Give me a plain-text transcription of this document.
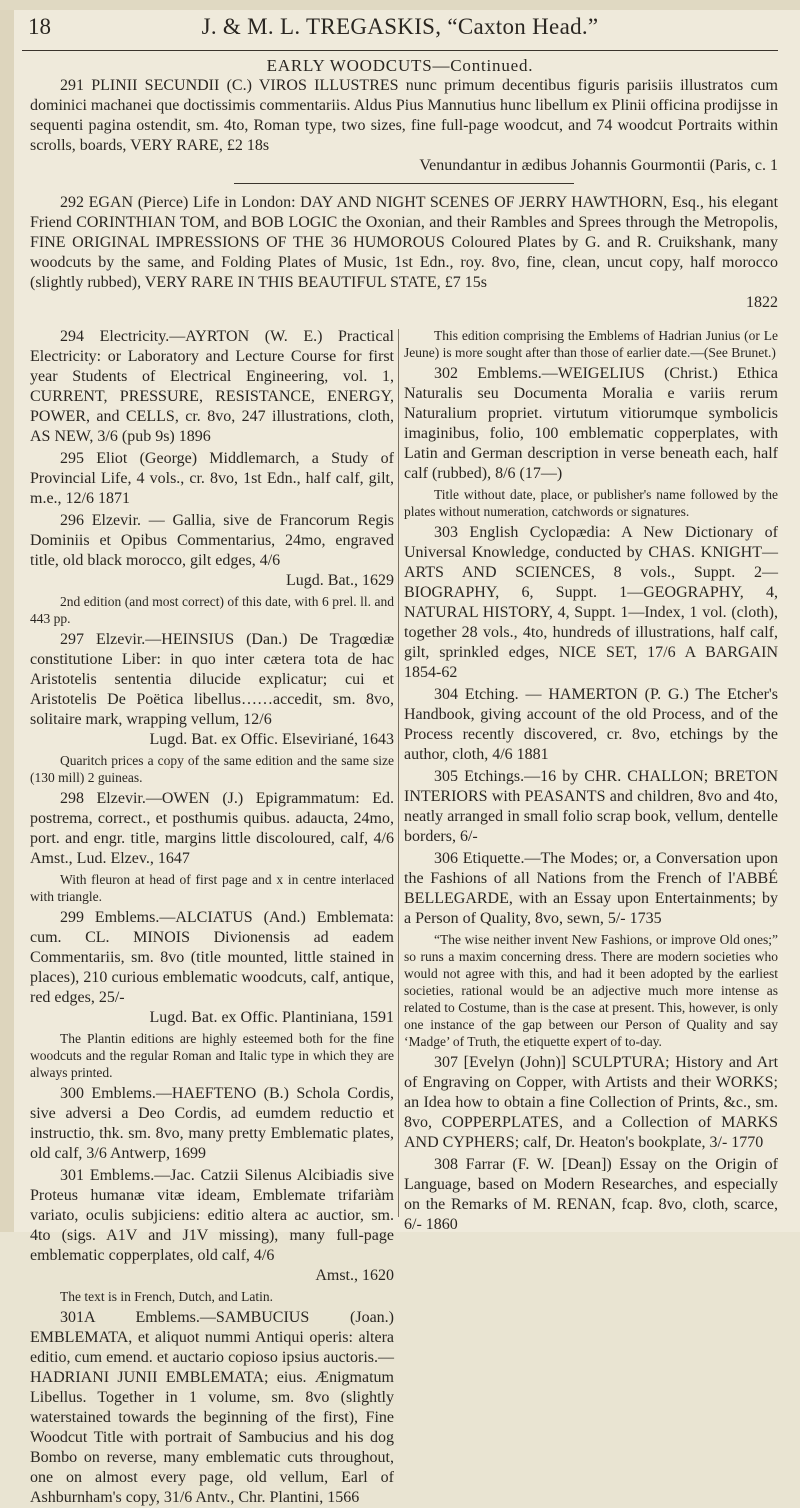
18	J. & M. L. TREGASKIS, “Caxton Head.”
EARLY WOODCUTS—Continued.

291 PLINII SECUNDII (C.) VIROS ILLUSTRES nunc primum decentibus figuris parisiis illustratos cum dominici machanei que doctissimis commentariis. Aldus Pius Mannutius hunc libellum ex Plinii officina prodijsse in sequenti pagina ostendit, sm. 4to, Roman type, two sizes, fine full-page woodcut, and 74 woodcut Portraits within scrolls, boards, VERY RARE, £2 18s
Venundantur in ædibus Johannis Gourmontii (Paris, c. 1

292 EGAN (Pierce) Life in London: DAY AND NIGHT SCENES OF JERRY HAWTHORN, Esq., his elegant Friend CORINTHIAN TOM, and BOB LOGIC the Oxonian, and their Rambles and Sprees through the Metropolis, FINE ORIGINAL IMPRESSIONS OF THE 36 HUMOROUS Coloured Plates by G. and R. Cruikshank, many woodcuts by the same, and Folding Plates of Music, 1st Edn., roy. 8vo, fine, clean, uncut copy, half morocco (slightly rubbed), VERY RARE IN THIS BEAUTIFUL STATE, £7 15s
1822

294 Electricity.—AYRTON (W. E.) Practical Electricity: or Laboratory and Lecture Course for first year Students of Electrical Engineering, vol. 1, CURRENT, PRESSURE, RESISTANCE, ENERGY, POWER, and CELLS, cr. 8vo, 247 illustrations, cloth, AS NEW, 3/6 (pub 9s) 1896

295 Eliot (George) Middlemarch, a Study of Provincial Life, 4 vols., cr. 8vo, 1st Edn., half calf, gilt, m.e., 12/6 1871

296 Elzevir. — Gallia, sive de Francorum Regis Dominiis et Opibus Commentarius, 24mo, engraved title, old black morocco, gilt edges, 4/6
Lugd. Bat., 1629

2nd edition (and most correct) of this date, with 6 prel. ll. and 443 pp.

297 Elzevir.—HEINSIUS (Dan.) De Tragœdiæ constitutione Liber: in quo inter cætera tota de hac Aristotelis sententia dilucide explicatur; cui et Aristotelis De Poëtica libellus……accedit, sm. 8vo, solitaire mark, wrapping vellum, 12/6
Lugd. Bat. ex Offic. Elseviriané, 1643

Quaritch prices a copy of the same edition and the same size (130 mill) 2 guineas.

298 Elzevir.—OWEN (J.) Epigrammatum: Ed. postrema, correct., et posthumis quibus. adaucta, 24mo, port. and engr. title, margins little discoloured, calf, 4/6 Amst., Lud. Elzev., 1647

With fleuron at head of first page and x in centre interlaced with triangle.

299 Emblems.—ALCIATUS (And.) Emblemata: cum. CL. MINOIS Divionensis ad eadem Commentariis, sm. 8vo (title mounted, little stained in places), 210 curious emblematic woodcuts, calf, antique, red edges, 25/-
Lugd. Bat. ex Offic. Plantiniana, 1591

The Plantin editions are highly esteemed both for the fine woodcuts and the regular Roman and Italic type in which they are always printed.

300 Emblems.—HAEFTENO (B.) Schola Cordis, sive adversi a Deo Cordis, ad eumdem reductio et instructio, thk. sm. 8vo, many pretty Emblematic plates, old calf, 3/6 Antwerp, 1699

301 Emblems.—Jac. Catzii Silenus Alcibiadis sive Proteus humanæ vitæ ideam, Emblemate trifariàm variato, oculis subjiciens: editio altera ac auctior, sm. 4to (sigs. A1V and J1V missing), many full-page emblematic copperplates, old calf, 4/6
Amst., 1620

The text is in French, Dutch, and Latin.

301A	Emblems.—SAMBUCIUS (Joan.) EMBLEMATA, et aliquot nummi Antiqui operis: altera editio, cum emend. et auctario copioso ipsius auctoris.—HADRIANI JUNII EMBLEMATA; eius. Ænigmatum Libellus. Together in 1 volume, sm. 8vo (slightly waterstained towards the beginning of the first), Fine Woodcut Title with portrait of Sambucius and his dog Bombo on reverse, many emblematic cuts throughout, one on almost every page, old vellum, Earl of Ashburnham's copy, 31/6 Antv., Chr. Plantini, 1566

This edition comprising the Emblems of Hadrian Junius (or Le Jeune) is more sought after than those of earlier date.—(See Brunet.)

302 Emblems.—WEIGELIUS (Christ.) Ethica Naturalis seu Documenta Moralia e variis rerum Naturalium propriet. virtutum vitiorumque symbolicis imaginibus, folio, 100 emblematic copperplates, with Latin and German description in verse beneath each, half calf (rubbed), 8/6 (17—)

Title without date, place, or publisher's name followed by the plates without numeration, catchwords or signatures.

303 English Cyclopædia: A New Dictionary of Universal Knowledge, conducted by CHAS. KNIGHT—ARTS AND SCIENCES, 8 vols., Suppt. 2—BIOGRAPHY, 6, Suppt. 1—GEOGRAPHY, 4, NATURAL HISTORY, 4, Suppt. 1—Index, 1 vol. (cloth), together 28 vols., 4to, hundreds of illustrations, half calf, gilt, sprinkled edges, NICE SET, 17/6 A BARGAIN 1854-62

304 Etching. — HAMERTON (P. G.) The Etcher's Handbook, giving account of the old Process, and of the Process recently discovered, cr. 8vo, etchings by the author, cloth, 4/6 1881

305 Etchings.—16 by CHR. CHALLON; BRETON INTERIORS with PEASANTS and children, 8vo and 4to, neatly arranged in small folio scrap book, vellum, dentelle borders, 6/-

306 Etiquette.—The Modes; or, a Conversation upon the Fashions of all Nations from the French of l'ABBÉ BELLEGARDE, with an Essay upon Entertainments; by a Person of Quality, 8vo, sewn, 5/- 1735

“The wise neither invent New Fashions, or improve Old ones;” so runs a maxim concerning dress. There are modern societies who would not agree with this, and had it been adopted by the earliest societies, rational would be an adjective much more intense as related to Costume, than is the case at present. This, however, is only one instance of the gap between our Person of Quality and say ‘Madge’ of Truth, the etiquette expert of to-day.

307 [Evelyn (John)] SCULPTURA; History and Art of Engraving on Copper, with Artists and their WORKS; an Idea how to obtain a fine Collection of Prints, &c., sm. 8vo, COPPERPLATES, and a Collection of MARKS AND CYPHERS; calf, Dr. Heaton's bookplate, 3/- 1770

308 Farrar (F. W. [Dean]) Essay on the Origin of Language, based on Modern Researches, and especially on the Remarks of M. RENAN, fcap. 8vo, cloth, scarce, 6/- 1860
